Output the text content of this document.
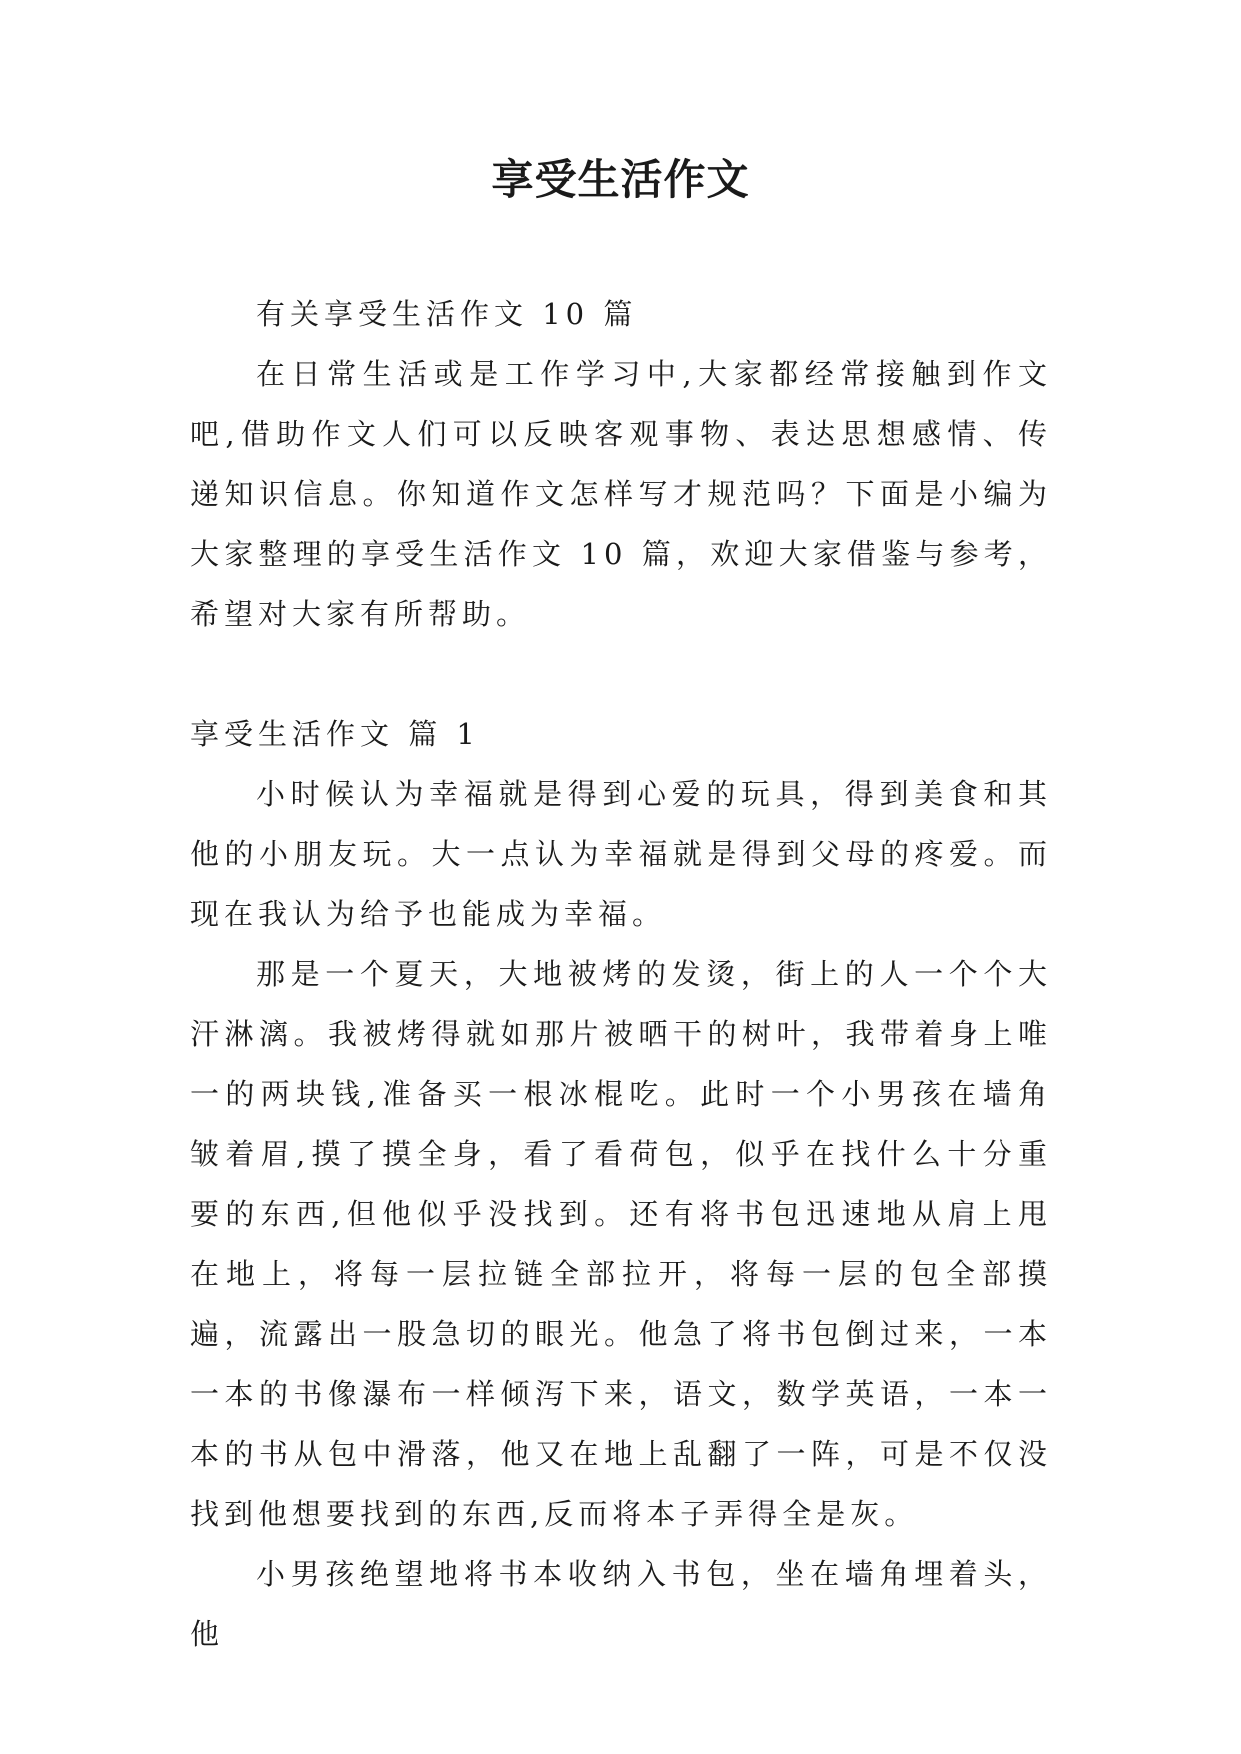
享受生活作文

有关享受生活作文 10 篇

在日常生活或是工作学习中,大家都经常接触到作文吧,借助作文人们可以反映客观事物、表达思想感情、传递知识信息。你知道作文怎样写才规范吗？下面是小编为大家整理的享受生活作文 10 篇，欢迎大家借鉴与参考，希望对大家有所帮助。

享受生活作文 篇 1

小时候认为幸福就是得到心爱的玩具，得到美食和其他的小朋友玩。大一点认为幸福就是得到父母的疼爱。而现在我认为给予也能成为幸福。

那是一个夏天，大地被烤的发烫，街上的人一个个大汗淋漓。我被烤得就如那片被晒干的树叶，我带着身上唯一的两块钱,准备买一根冰棍吃。此时一个小男孩在墙角皱着眉,摸了摸全身，看了看荷包，似乎在找什么十分重要的东西,但他似乎没找到。还有将书包迅速地从肩上甩在地上，将每一层拉链全部拉开，将每一层的包全部摸遍，流露出一股急切的眼光。他急了将书包倒过来，一本一本的书像瀑布一样倾泻下来，语文，数学英语，一本一本的书从包中滑落，他又在地上乱翻了一阵，可是不仅没找到他想要找到的东西,反而将本子弄得全是灰。

小男孩绝望地将书本收纳入书包，坐在墙角埋着头，他
